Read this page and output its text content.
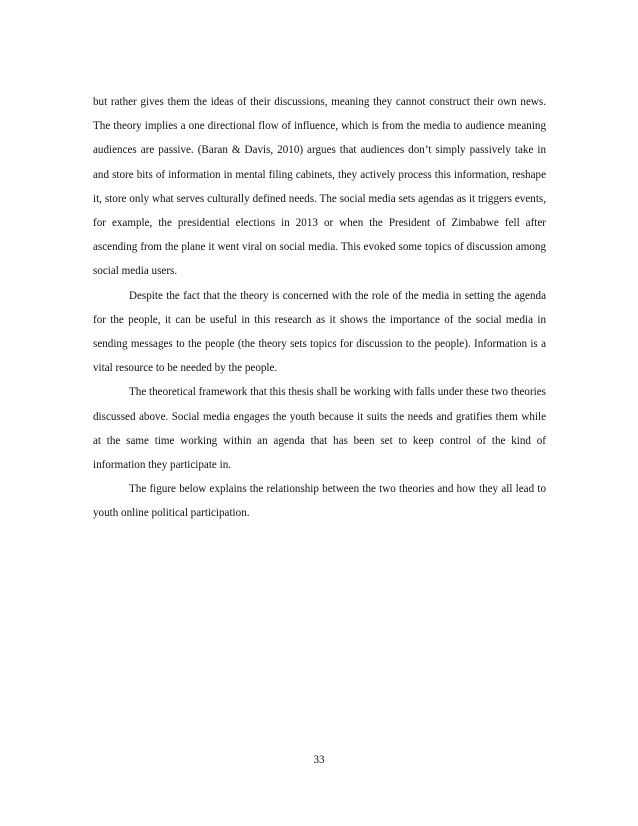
but rather gives them the ideas of their discussions, meaning they cannot construct their own news. The theory implies a one directional flow of influence, which is from the media to audience meaning audiences are passive. (Baran & Davis, 2010) argues that audiences don’t simply passively take in and store bits of information in mental filing cabinets, they actively process this information, reshape it, store only what serves culturally defined needs. The social media sets agendas as it triggers events, for example, the presidential elections in 2013 or when the President of Zimbabwe fell after ascending from the plane it went viral on social media. This evoked some topics of discussion among social media users.

Despite the fact that the theory is concerned with the role of the media in setting the agenda for the people, it can be useful in this research as it shows the importance of the social media in sending messages to the people (the theory sets topics for discussion to the people). Information is a vital resource to be needed by the people.

The theoretical framework that this thesis shall be working with falls under these two theories discussed above. Social media engages the youth because it suits the needs and gratifies them while at the same time working within an agenda that has been set to keep control of the kind of information they participate in.

The figure below explains the relationship between the two theories and how they all lead to youth online political participation.

33
